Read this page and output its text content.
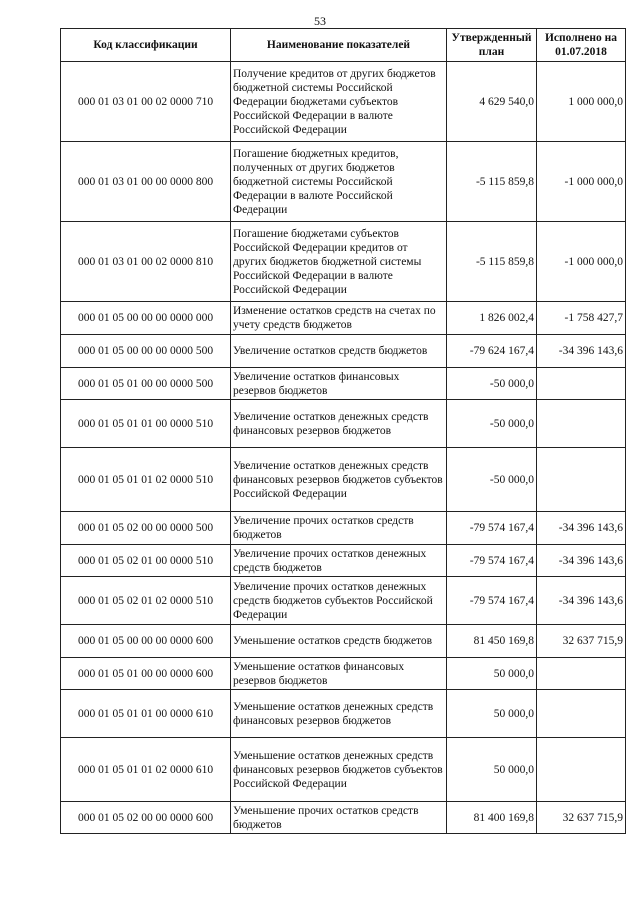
53
Код классификации	Наименование показателей	Утвержденный план	Исполнено на 01.07.2018
000 01 03 01 00 02 0000 710	Получение кредитов от других бюджетов бюджетной системы Российской Федерации бюджетами субъектов Российской Федерации в валюте Российской Федерации	4 629 540,0	1 000 000,0
000 01 03 01 00 00 0000 800	Погашение бюджетных кредитов, полученных от других бюджетов бюджетной системы Российской Федерации в валюте Российской Федерации	-5 115 859,8	-1 000 000,0
000 01 03 01 00 02 0000 810	Погашение бюджетами субъектов Российской Федерации кредитов от других бюджетов бюджетной системы Российской Федерации в валюте Российской Федерации	-5 115 859,8	-1 000 000,0
000 01 05 00 00 00 0000 000	Изменение остатков средств на счетах по учету средств бюджетов	1 826 002,4	-1 758 427,7
000 01 05 00 00 00 0000 500	Увеличение остатков средств бюджетов	-79 624 167,4	-34 396 143,6
000 01 05 01 00 00 0000 500	Увеличение остатков финансовых резервов бюджетов	-50 000,0	
000 01 05 01 01 00 0000 510	Увеличение остатков денежных средств финансовых резервов бюджетов	-50 000,0	
000 01 05 01 01 02 0000 510	Увеличение остатков денежных средств финансовых резервов бюджетов субъектов Российской Федерации	-50 000,0	
000 01 05 02 00 00 0000 500	Увеличение прочих остатков средств бюджетов	-79 574 167,4	-34 396 143,6
000 01 05 02 01 00 0000 510	Увеличение прочих остатков денежных средств бюджетов	-79 574 167,4	-34 396 143,6
000 01 05 02 01 02 0000 510	Увеличение прочих остатков денежных средств бюджетов субъектов Российской Федерации	-79 574 167,4	-34 396 143,6
000 01 05 00 00 00 0000 600	Уменьшение остатков средств бюджетов	81 450 169,8	32 637 715,9
000 01 05 01 00 00 0000 600	Уменьшение остатков финансовых резервов бюджетов	50 000,0	
000 01 05 01 01 00 0000 610	Уменьшение остатков денежных средств финансовых резервов бюджетов	50 000,0	
000 01 05 01 01 02 0000 610	Уменьшение остатков денежных средств финансовых резервов бюджетов субъектов Российской Федерации	50 000,0	
000 01 05 02 00 00 0000 600	Уменьшение прочих остатков средств бюджетов	81 400 169,8	32 637 715,9
